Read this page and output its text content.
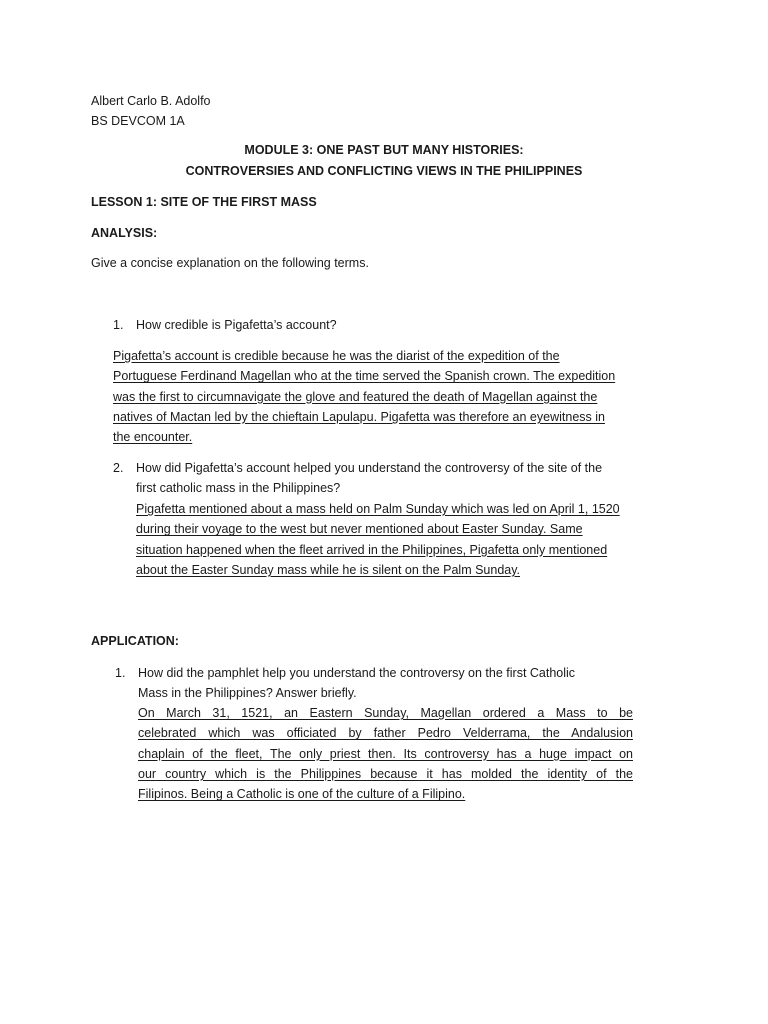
Albert Carlo B. Adolfo

BS DEVCOM 1A

MODULE 3: ONE PAST BUT MANY HISTORIES:

CONTROVERSIES AND CONFLICTING VIEWS IN THE PHILIPPINES

LESSON 1: SITE OF THE FIRST MASS

ANALYSIS:

Give a concise explanation on the following terms.

1. How credible is Pigafetta’s account?

Pigafetta’s account is credible because he was the diarist of the expedition of the
Portuguese Ferdinand Magellan who at the time served the Spanish crown. The expedition
was the first to circumnavigate the glove and featured the death of Magellan against the
natives of Mactan led by the chieftain Lapulapu. Pigafetta was therefore an eyewitness in
the encounter.

2. How did Pigafetta’s account helped you understand the controversy of the site of the
first catholic mass in the Philippines?

Pigafetta mentioned about a mass held on Palm Sunday which was led on April 1, 1520
during their voyage to the west but never mentioned about Easter Sunday. Same
situation happened when the fleet arrived in the Philippines, Pigafetta only mentioned
about the Easter Sunday mass while he is silent on the Palm Sunday.

APPLICATION:

1. How did the pamphlet help you understand the controversy on the first Catholic
Mass in the Philippines? Answer briefly.

On March 31, 1521, an Eastern Sunday, Magellan ordered a Mass to be
celebrated which was officiated by father Pedro Velderrama, the Andalusion
chaplain of the fleet, The only priest then. Its controversy has a huge impact on
our country which is the Philippines because it has molded the identity of the
Filipinos. Being a Catholic is one of the culture of a Filipino.
